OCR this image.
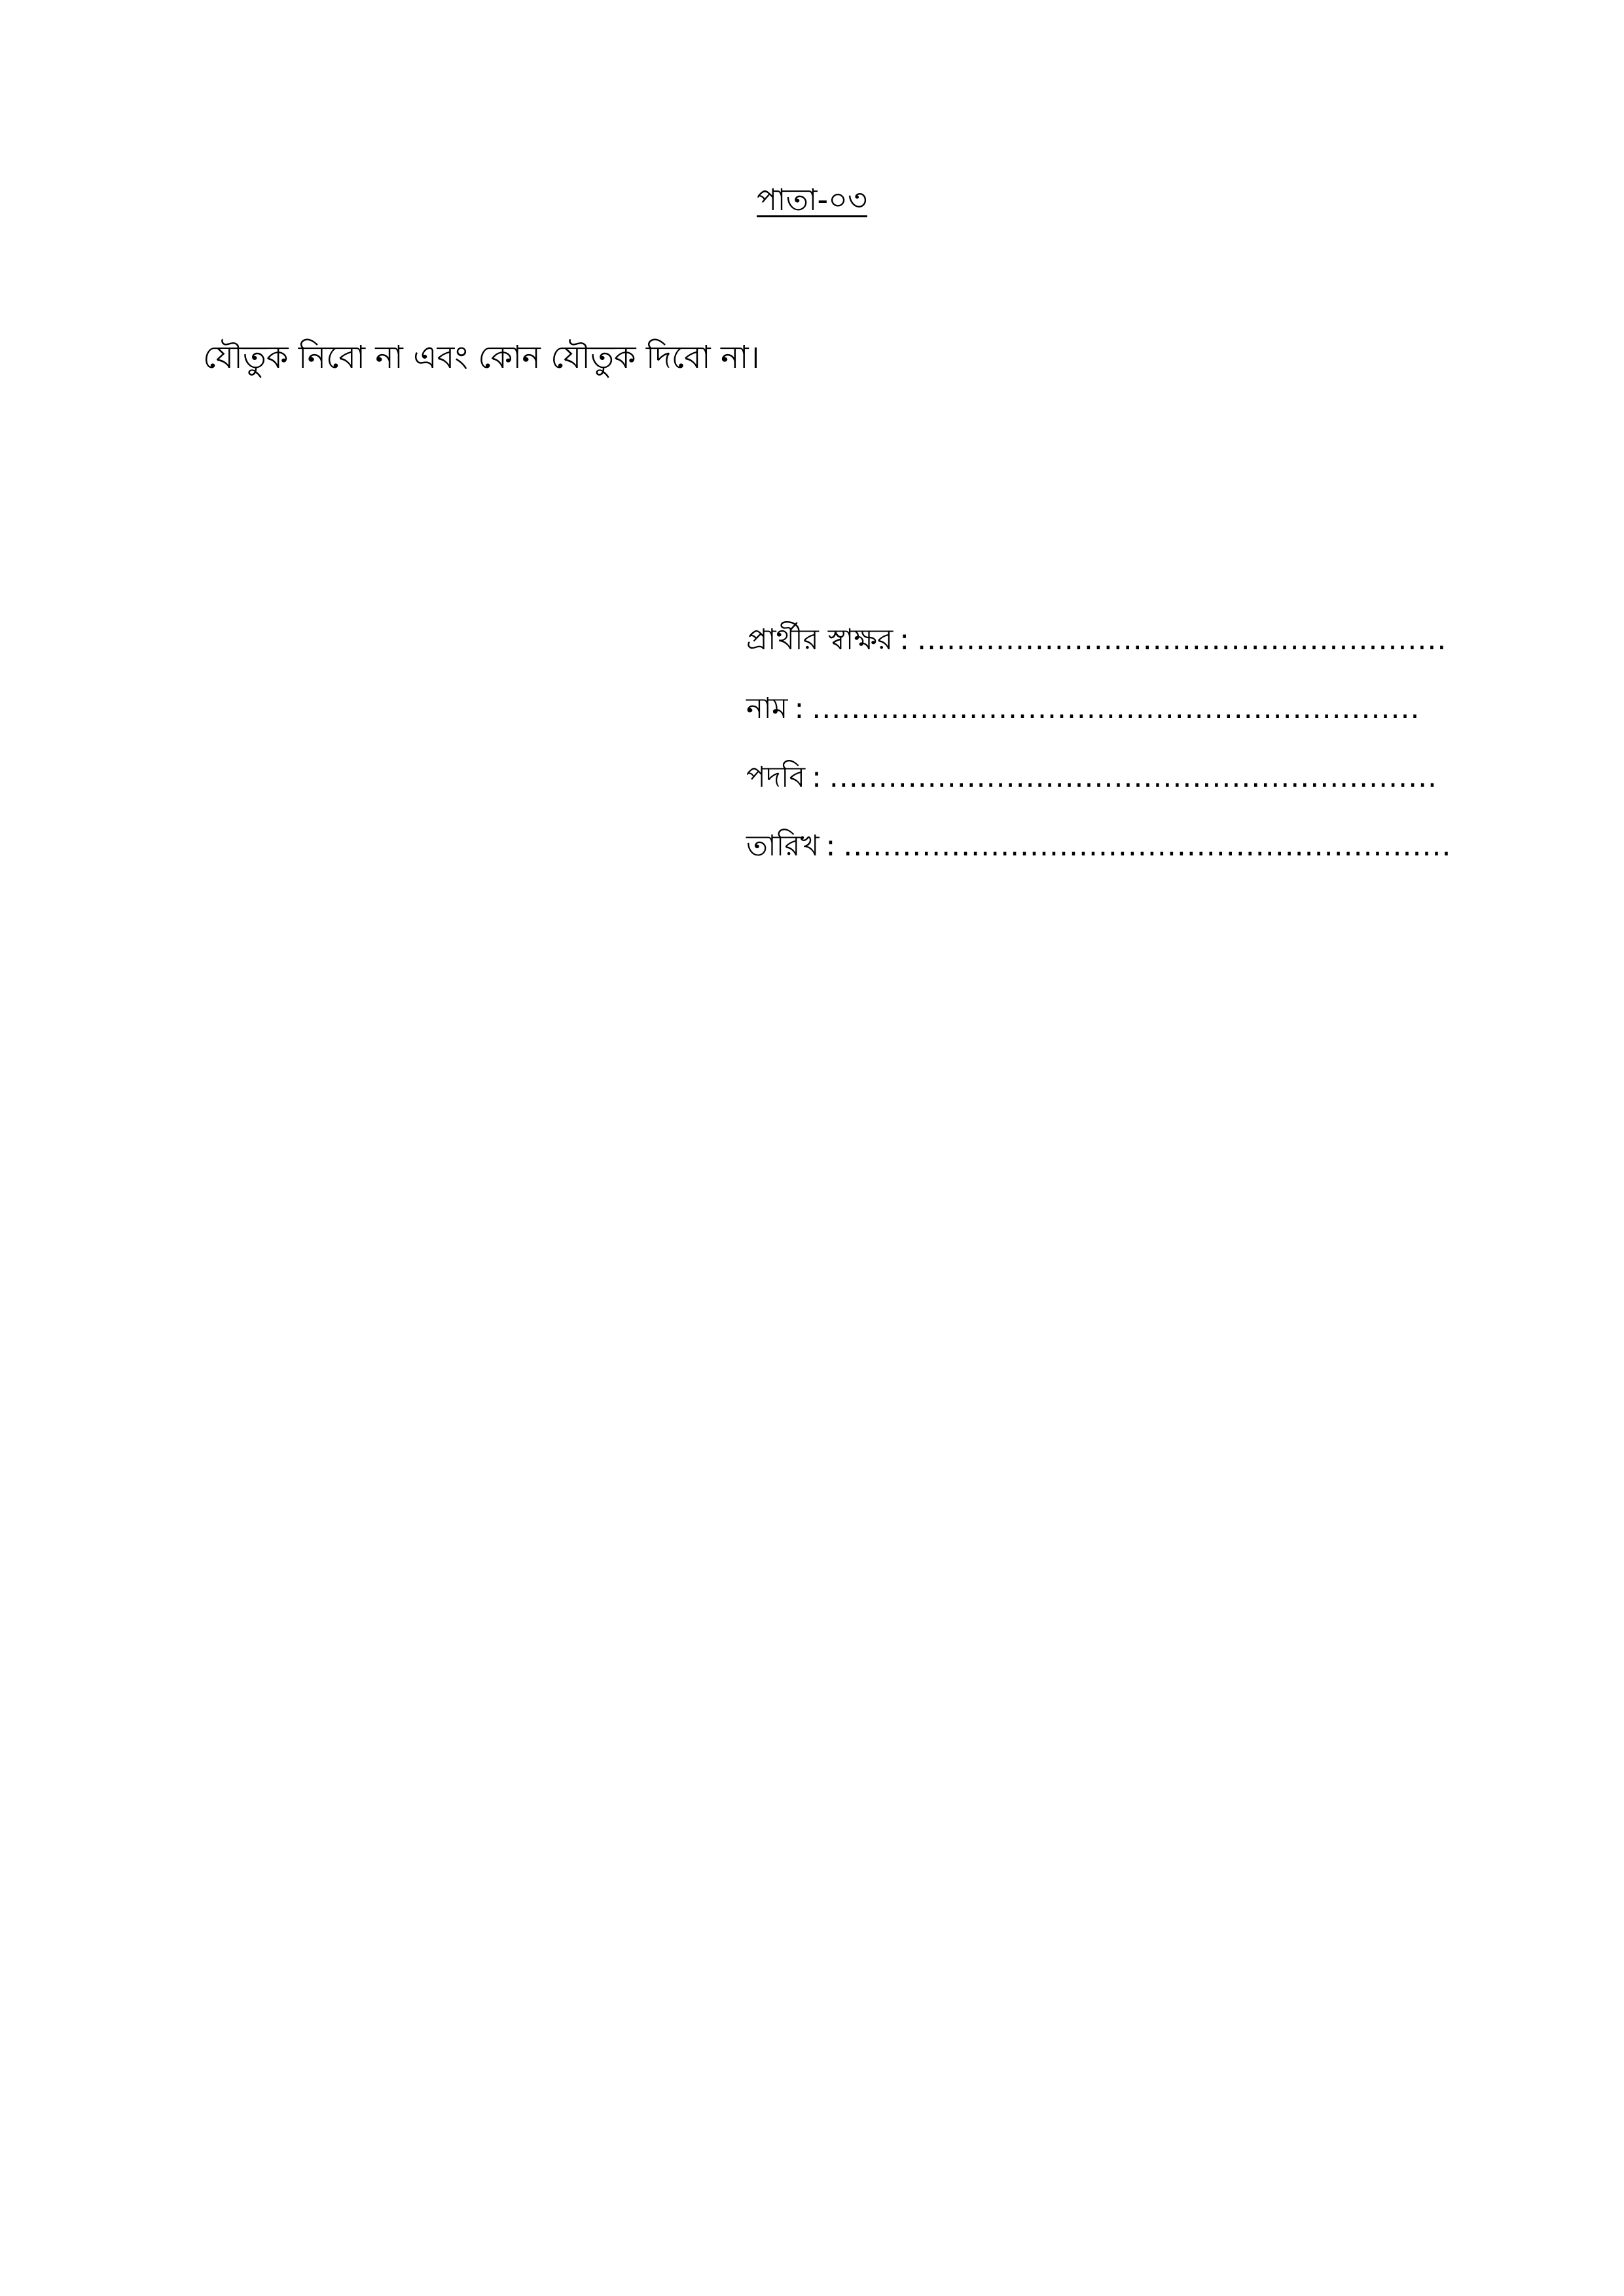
পাতা-০৩
যৌতুক নিবো না এবং কোন যৌতুক দিবো না।
প্রার্থীর স্বাক্ষর : ......................................................
নাম : ..............................................................
পদবি : ..............................................................
তারিখ : ..............................................................
